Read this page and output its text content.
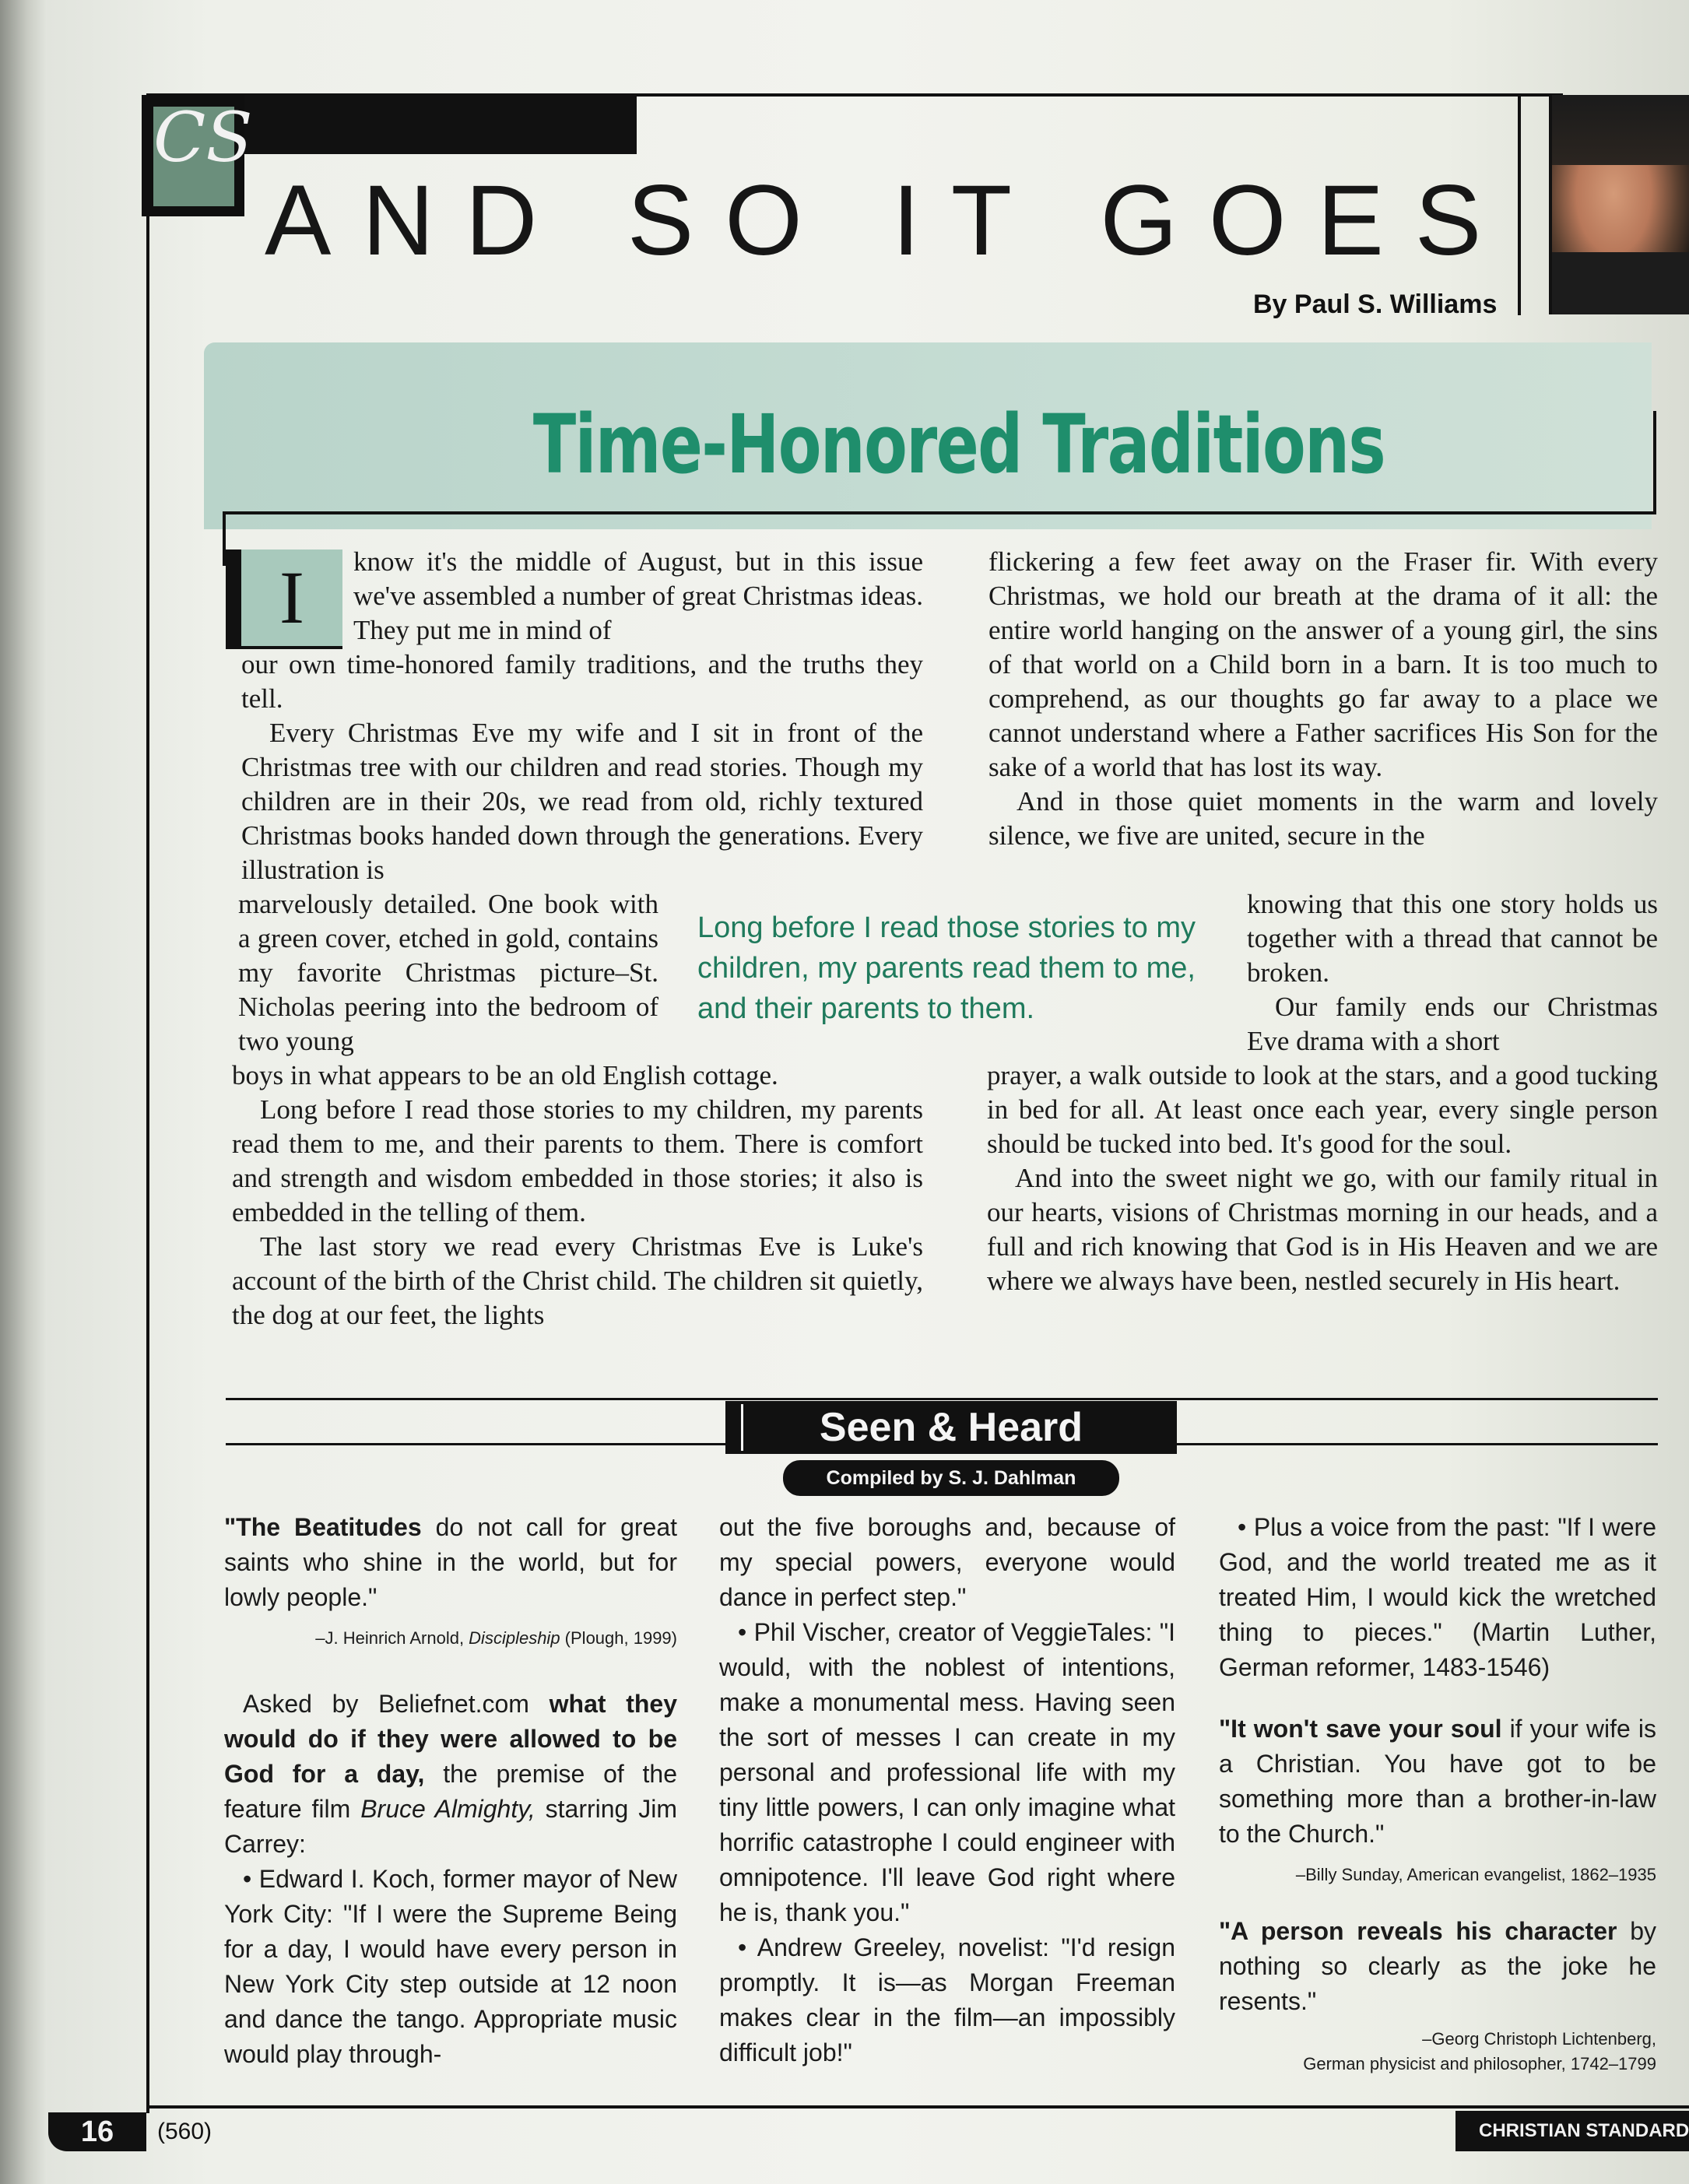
CS
AND SO IT GOES
By Paul S. Williams
Time-Honored Traditions
I	know it's the middle of August, but in this issue we've assembled a number of great Christmas ideas. They put me in mind of

our own time-honored family traditions, and the truths they tell.

Every Christmas Eve my wife and I sit in front of the Christmas tree with our children and read stories. Though my children are in their 20s, we read from old, richly textured Christmas books handed down through the generations. Every illustration is

marvelously detailed. One book with a green cover, etched in gold, contains my favorite Christmas picture–St. Nicholas peering into the bedroom of two young

boys in what appears to be an old English cottage.

Long before I read those stories to my children, my parents read them to me, and their parents to them. There is comfort and strength and wisdom embedded in those stories; it also is embedded in the telling of them.

The last story we read every Christmas Eve is Luke's account of the birth of the Christ child. The children sit quietly, the dog at our feet, the lights

flickering a few feet away on the Fraser fir. With every Christmas, we hold our breath at the drama of it all: the entire world hanging on the answer of a young girl, the sins of that world on a Child born in a barn. It is too much to comprehend, as our thoughts go far away to a place we cannot understand where a Father sacrifices His Son for the sake of a world that has lost its way.

And in those quiet moments in the warm and lovely silence, we five are united, secure in the

knowing that this one story holds us together with a thread that cannot be broken.

Our family ends our Christmas Eve drama with a short

prayer, a walk outside to look at the stars, and a good tucking in bed for all. At least once each year, every single person should be tucked into bed. It's good for the soul.

And into the sweet night we go, with our family ritual in our hearts, visions of Christmas morning in our heads, and a full and rich knowing that God is in His Heaven and we are where we always have been, nestled securely in His heart.

Long before I read those stories to my children, my parents read them to me, and their parents to them.
Seen & Heard
Compiled by S. J. Dahlman

"The Beatitudes do not call for great saints who shine in the world, but for lowly people."

–J. Heinrich Arnold, Discipleship (Plough, 1999)

Asked by Beliefnet.com what they would do if they were allowed to be God for a day, the premise of the feature film Bruce Almighty, starring Jim Carrey:

• Edward I. Koch, former mayor of New York City: "If I were the Supreme Being for a day, I would have every person in New York City step outside at 12 noon and dance the tango. Appropriate music would play through-

out the five boroughs and, because of my special powers, everyone would dance in perfect step."

• Phil Vischer, creator of VeggieTales: "I would, with the noblest of intentions, make a monumental mess. Having seen the sort of messes I can create in my personal and professional life with my tiny little powers, I can only imagine what horrific catastrophe I could engineer with omnipotence. I'll leave God right where he is, thank you."

• Andrew Greeley, novelist: "I'd resign promptly. It is—as Morgan Freeman makes clear in the film—an impossibly difficult job!"

• Plus a voice from the past: "If I were God, and the world treated me as it treated Him, I would kick the wretched thing to pieces." (Martin Luther, German reformer, 1483-1546)

"It won't save your soul if your wife is a Christian. You have got to be something more than a brother-in-law to the Church."

–Billy Sunday, American evangelist, 1862–1935

"A person reveals his character by nothing so clearly as the joke he resents."

–Georg Christoph Lichtenberg,

German physicist and philosopher, 1742–1799

16	(560)	CHRISTIAN STANDARD
